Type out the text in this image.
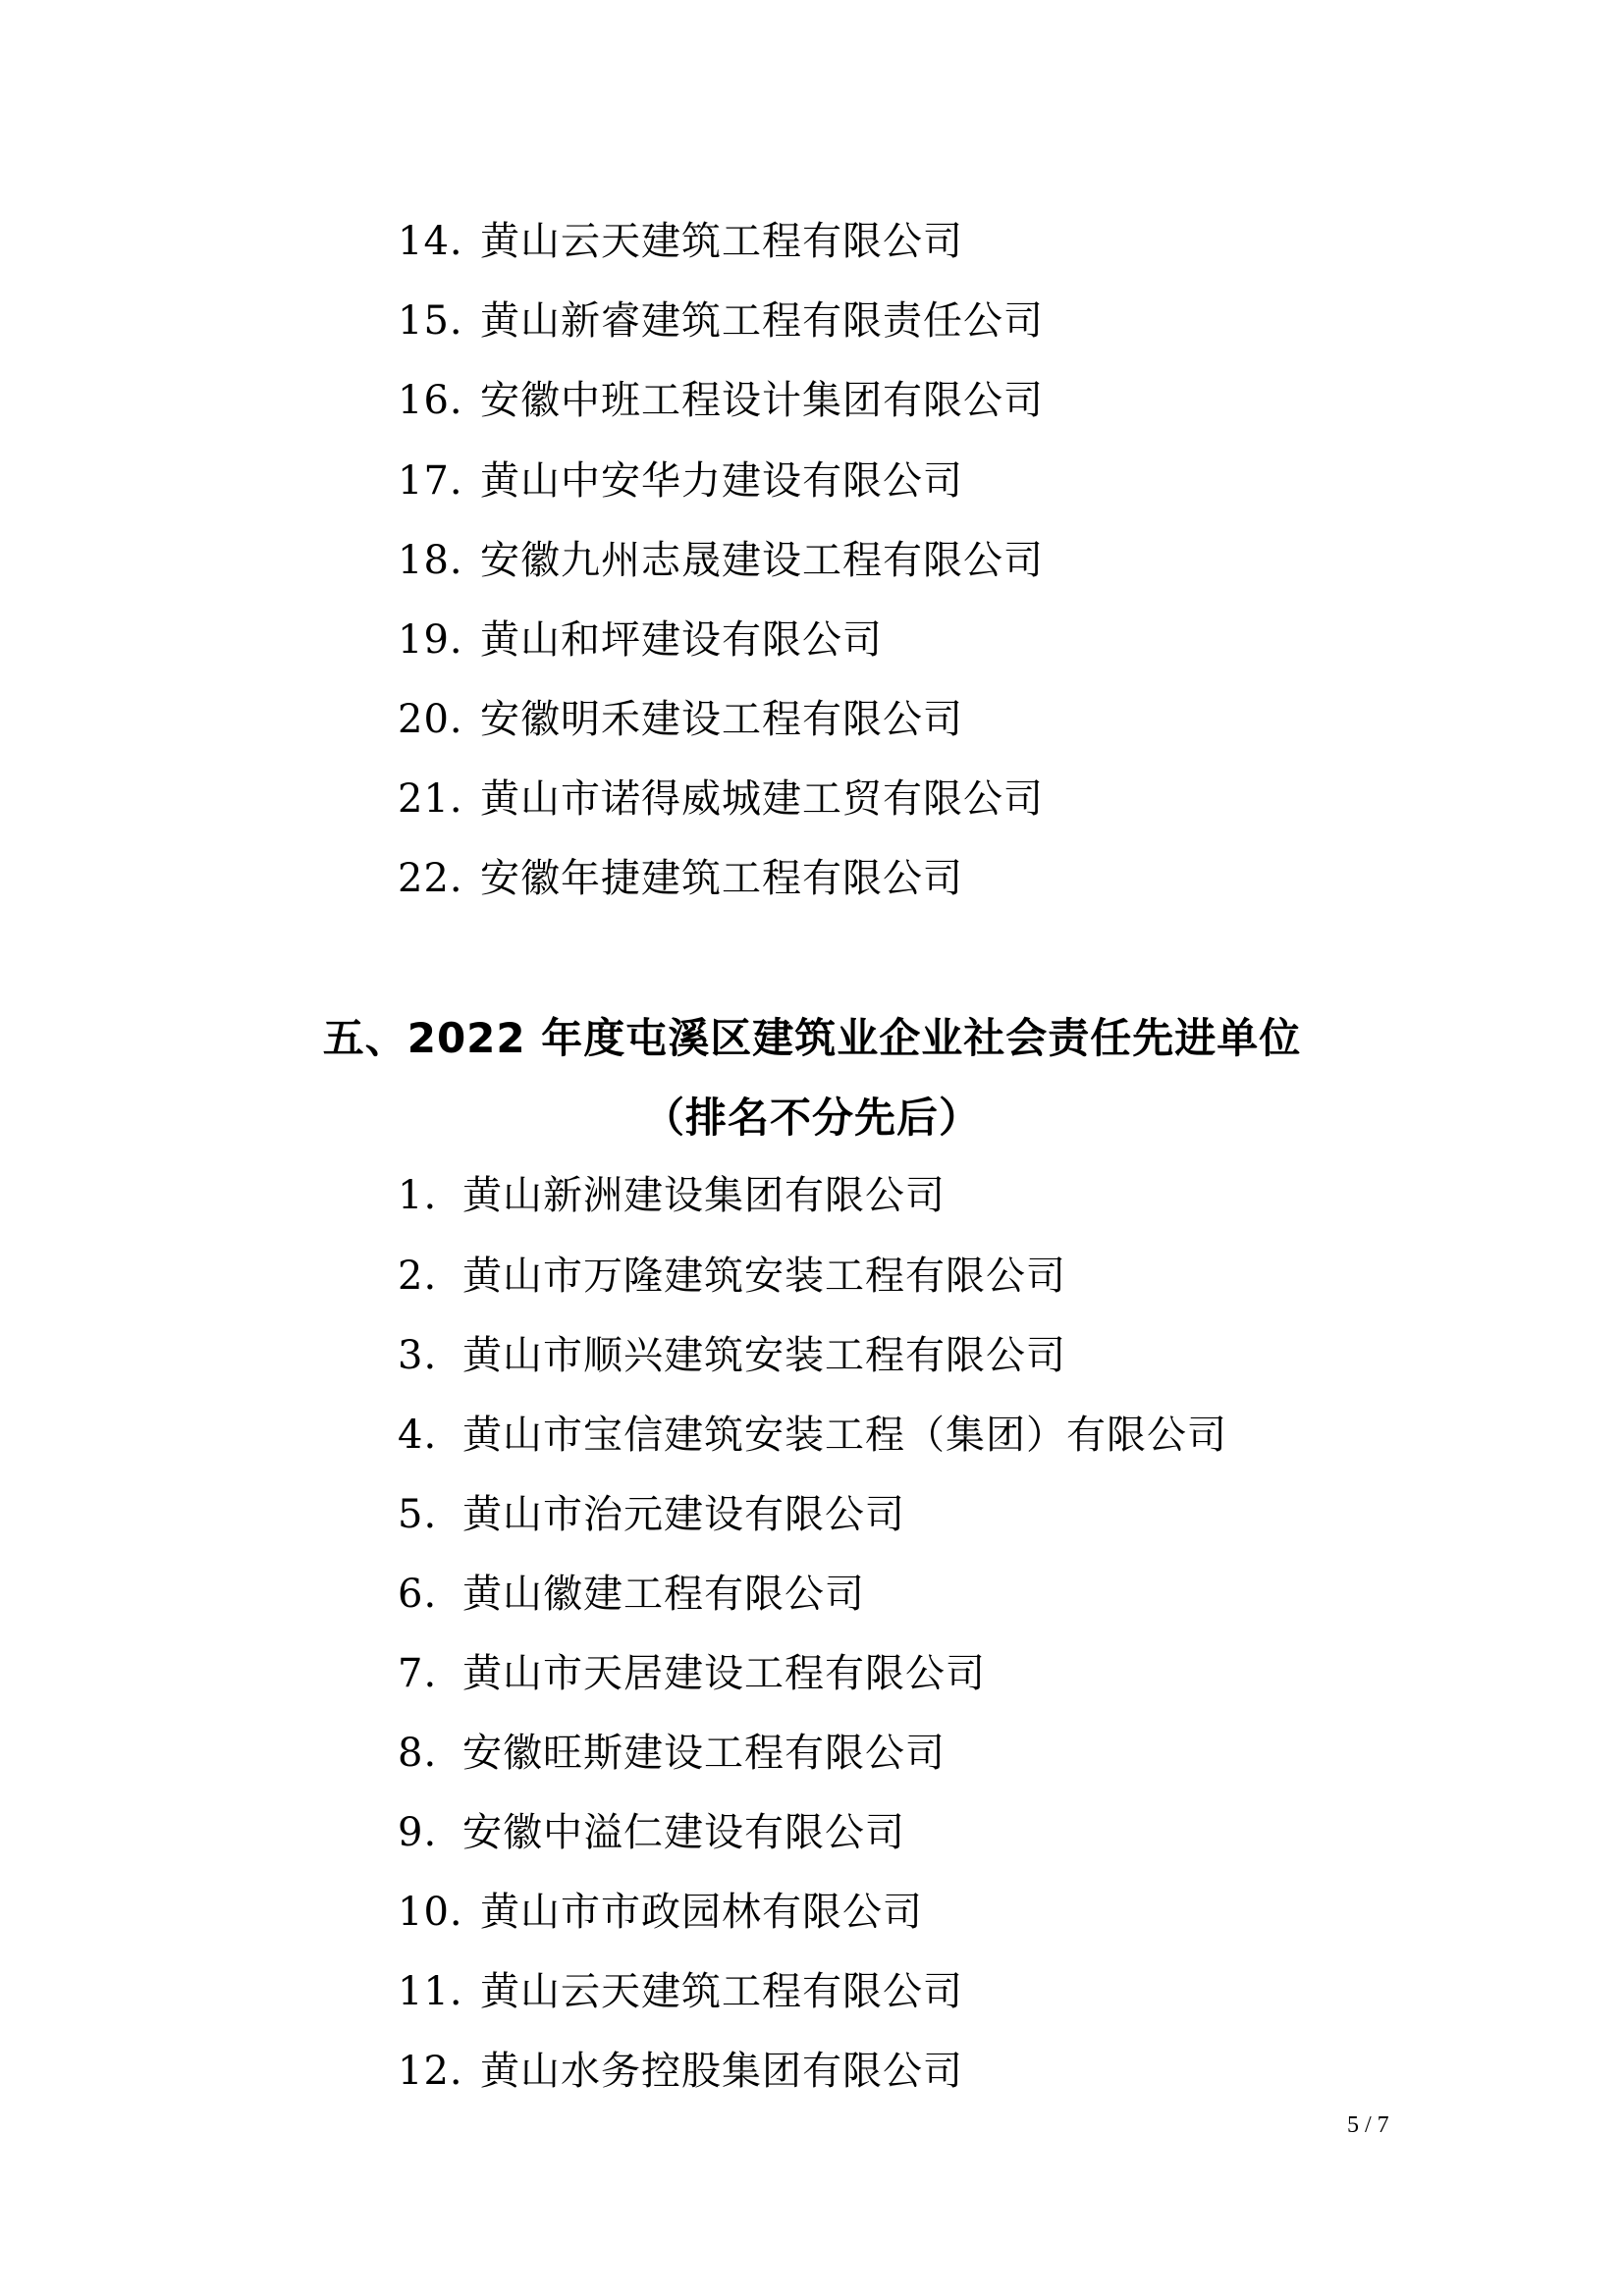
14. 黄山云天建筑工程有限公司
15. 黄山新睿建筑工程有限责任公司
16. 安徽中班工程设计集团有限公司
17. 黄山中安华力建设有限公司
18. 安徽九州志晟建设工程有限公司
19. 黄山和坪建设有限公司
20. 安徽明禾建设工程有限公司
21. 黄山市诺得威城建工贸有限公司
22. 安徽年捷建筑工程有限公司
五、2022 年度屯溪区建筑业企业社会责任先进单位
（排名不分先后）
1. 黄山新洲建设集团有限公司
2. 黄山市万隆建筑安装工程有限公司
3. 黄山市顺兴建筑安装工程有限公司
4. 黄山市宝信建筑安装工程（集团）有限公司
5. 黄山市治元建设有限公司
6. 黄山徽建工程有限公司
7. 黄山市天居建设工程有限公司
8. 安徽旺斯建设工程有限公司
9. 安徽中溢仁建设有限公司
10. 黄山市市政园林有限公司
11. 黄山云天建筑工程有限公司
12. 黄山水务控股集团有限公司
5 / 7
